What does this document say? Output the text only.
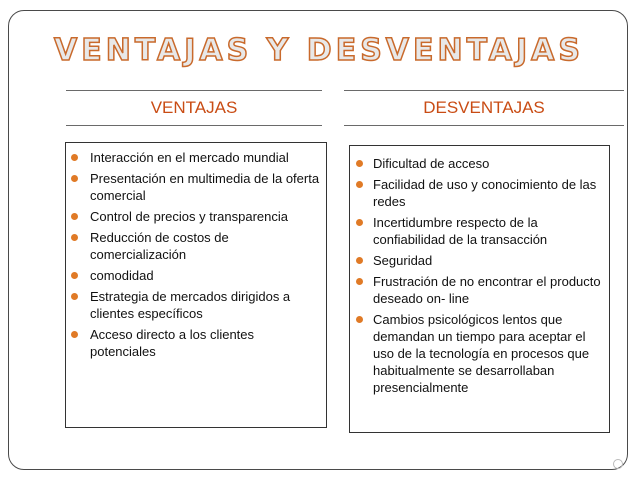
VENTAJAS Y DESVENTAJAS
VENTAJAS	DESVENTAJAS
Interacción en el mercado mundial
Presentación en multimedia de la oferta comercial
Control de precios y transparencia
Reducción de costos de comercialización
comodidad
Estrategia de mercados dirigidos a clientes específicos
Acceso directo a los clientes potenciales
Dificultad de acceso
Facilidad de uso y conocimiento de las redes
Incertidumbre respecto de la confiabilidad de la transacción
Seguridad
Frustración de no encontrar el producto deseado on- line
Cambios psicológicos lentos que demandan un tiempo para aceptar el uso de la tecnología en procesos que habitualmente se desarrollaban presencialmente
